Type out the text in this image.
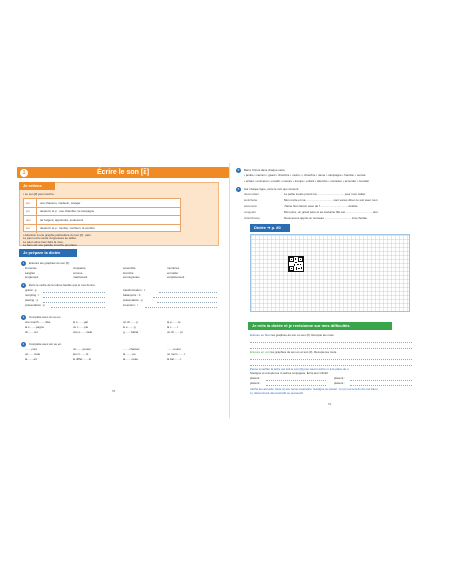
1	Écrire le son [ɛ̃]
Je retiens
• Le son [ɛ̃] peut s'écrire :
ain	une chanson, médecin, manger
ein	devant b et p : une chambre, la campagne
aim	de l'argent, apprendre, seulement
em	devant b et p : tomber, combien, la sombre
• Attention à une graphie particulière du son [ɛ̃] : parc.
Le paon et la sonde d'opposées au début.
Le paon aime bien faire la roue.
Le faon est une gazelle mouche qui plane.
Je prépare la dictée
1	Entoure les graphies du son [ɛ̃].
immense	cinquante	ensemble	membres
sanglier	comme	bronche	emmêler
longtemps	maintenant	ennnuyantes	emplacement
2	Écris le verbe de la même famille que le mot donné.
grand : g	transformation : t
rempling : r	balançoire : b
placing : p	présentation : p
présentation : p	invention : i
3	Complète avec an ou en.
une march........dise	le s........gal	un ch........p	la p........te
la c........pagne	un t........ple	le s........g	la l........t
ch........ter	une p........tade	g........babar	un ch........pi
4	Complète avec am ou en.
........core	un........pereur	........chasser	........tourer
un........bule	les ci........ts	la ........pe	un mom........t
la........ert	le différ........ts	la........ceau	la bal........t
58
5	Barre l'intrus dans chaque série.
• jambe • camion • géant • chambre • moins • • chambre • ramer • campagne • framber • remise
• enfant • emmener • envahi • mesure • trempe • enfant • attendre • monsieur • amender • mendier
6	Sur chaque ligne, écris le mot qui convient.
descendant	Le petite souris prend ma ................................. pour mon cellier.
lentichette	Mon oncle et ma ................................. sont venus dîner ce soir avec mon
ascension	J'aime bien lancer avec de l' ................................. violette.
vengeant	Mon père, un grand père et sa marraine fille est ................................. ans.
chantchamp	Nous avons appris un nouveau ................................. à la chorale.
Dictée ➔ p. 80
Je relis la dictée et je revisionne sur mes difficultés
Entoure en bleu les graphies de son en son (ɛ̃). Recopie les mots.
Entoure en vert les graphies de son en et son (ɛ̃). Recopie les mots.
Pense à vérifier la lettre qui suit le son [ɛ̃] pour savoir écrire m à la place de n.
Souligne et recopie les 4 verbes conjugués. Écris leur infinitif.
placent :	placent :
placent :	placent :
Vérifie les accords. Note (s) les noms masculins. Souligne au pluriel : le (s) mot à la fin du mot bleu (
s), déterminant démonstratif ou possessif.
59
